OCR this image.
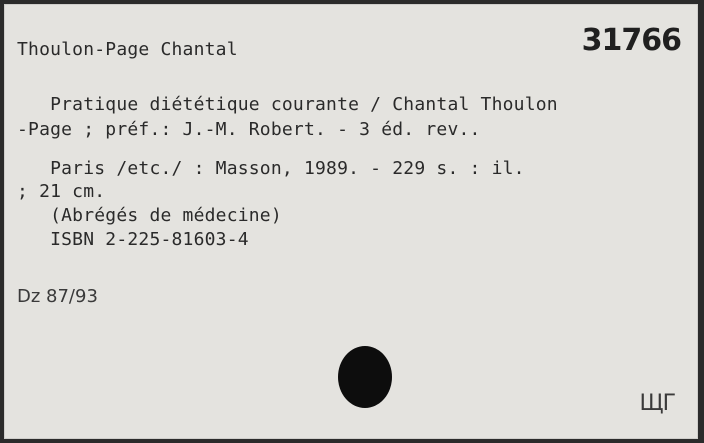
31766
Thoulon-Page Chantal
Pratique diététique courante / Chantal Thoulon
-Page ; préf.: J.-M. Robert. - 3 éd. rev..
Paris /etc./ : Masson, 1989. - 229 s. : il.
; 21 cm.
(Abrégés de médecine)
ISBN 2-225-81603-4
Dz 87/93
ЩГ
